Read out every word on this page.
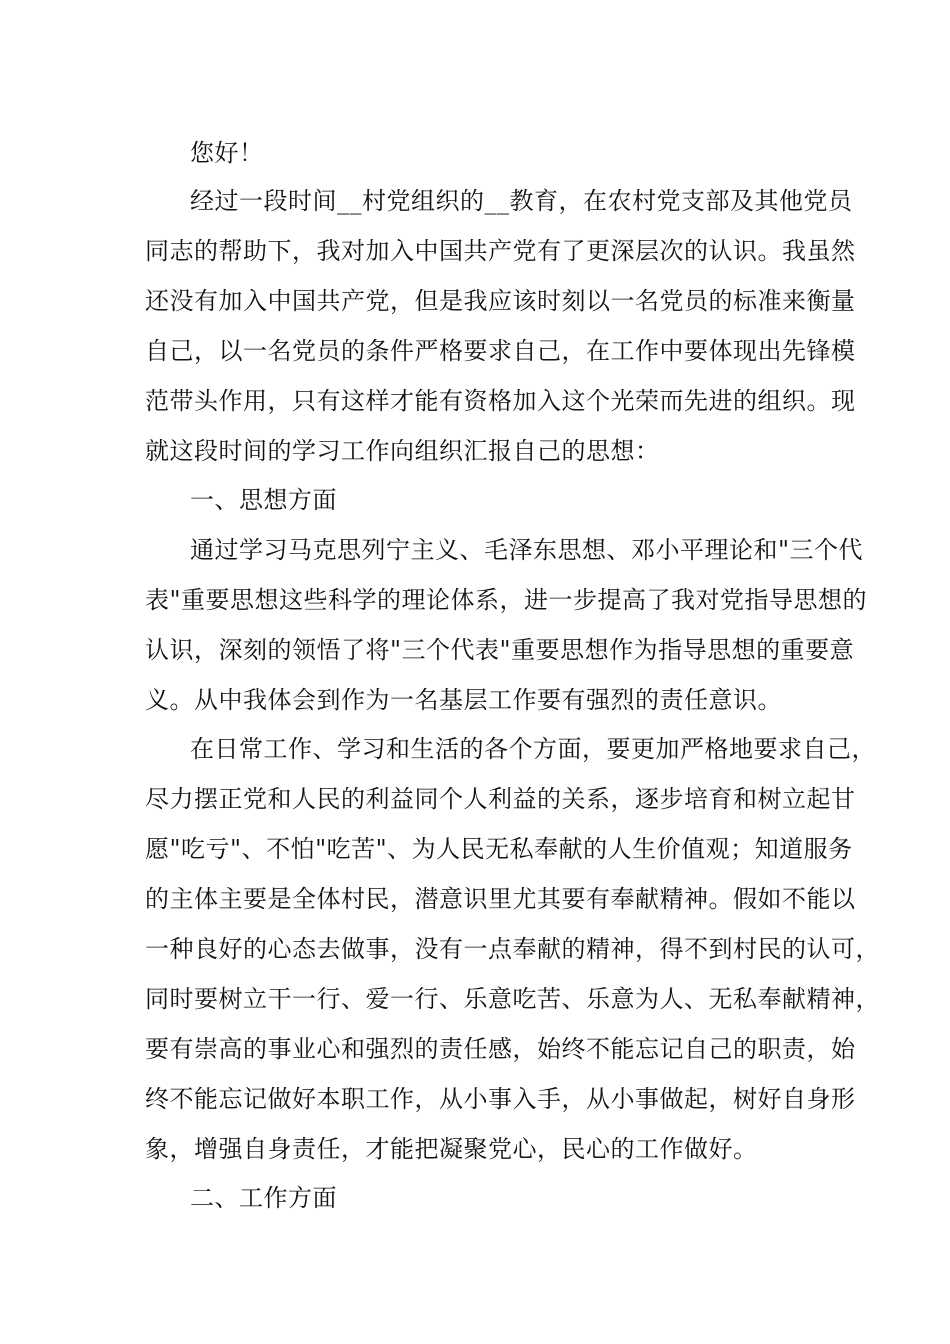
您好！
经过一段时间__村党组织的__教育，在农村党支部及其他党员
同志的帮助下，我对加入中国共产党有了更深层次的认识。我虽然
还没有加入中国共产党，但是我应该时刻以一名党员的标准来衡量
自己，以一名党员的条件严格要求自己，在工作中要体现出先锋模
范带头作用，只有这样才能有资格加入这个光荣而先进的组织。现
就这段时间的学习工作向组织汇报自己的思想：
一、思想方面
通过学习马克思列宁主义、毛泽东思想、邓小平理论和"三个代
表"重要思想这些科学的理论体系，进一步提高了我对党指导思想的
认识，深刻的领悟了将"三个代表"重要思想作为指导思想的重要意
义。从中我体会到作为一名基层工作要有强烈的责任意识。
在日常工作、学习和生活的各个方面，要更加严格地要求自己，
尽力摆正党和人民的利益同个人利益的关系，逐步培育和树立起甘
愿"吃亏"、不怕"吃苦"、为人民无私奉献的人生价值观；知道服务
的主体主要是全体村民，潜意识里尤其要有奉献精神。假如不能以
一种良好的心态去做事，没有一点奉献的精神，得不到村民的认可，
同时要树立干一行、爱一行、乐意吃苦、乐意为人、无私奉献精神，
要有崇高的事业心和强烈的责任感，始终不能忘记自己的职责，始
终不能忘记做好本职工作，从小事入手，从小事做起，树好自身形
象，增强自身责任，才能把凝聚党心，民心的工作做好。
二、工作方面
